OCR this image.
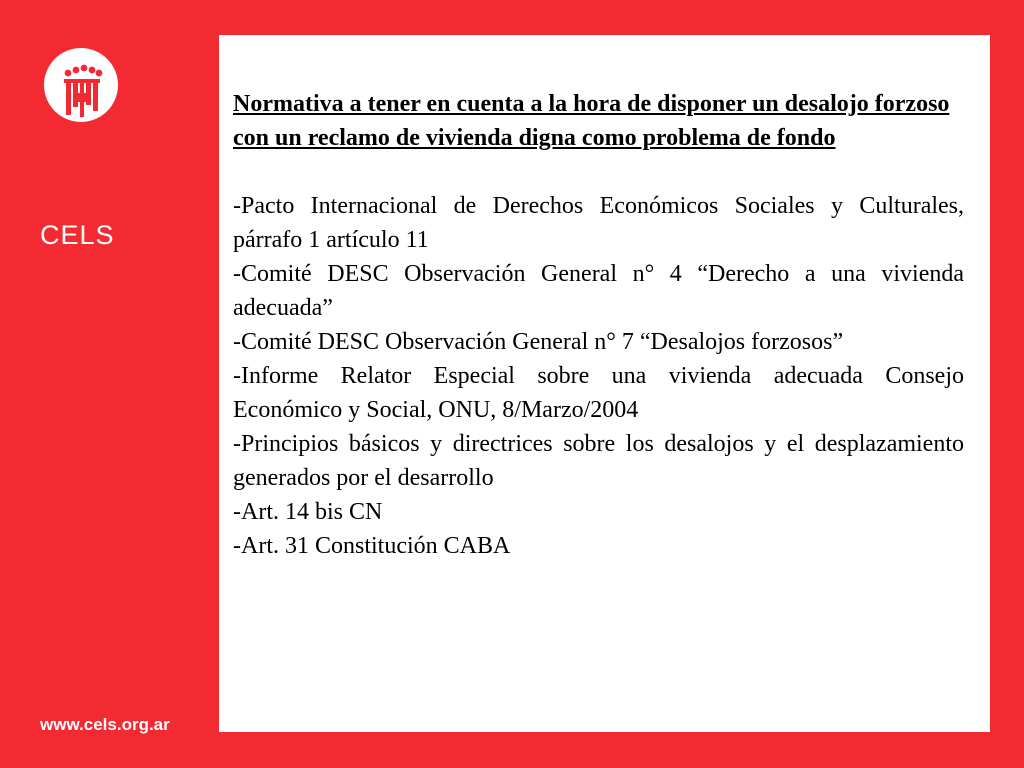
CELS
www.cels.org.ar

Normativa a tener en cuenta a la hora de disponer un desalojo forzoso con un reclamo de vivienda digna como problema de fondo

-Pacto Internacional de Derechos Económicos Sociales y Culturales, párrafo 1 artículo 11

-Comité DESC Observación General n° 4 “Derecho a una vivienda adecuada”

-Comité DESC Observación General n° 7 “Desalojos forzosos”

-Informe Relator Especial sobre una vivienda adecuada Consejo Económico y Social, ONU, 8/Marzo/2004

-Principios básicos y directrices sobre los desalojos y el desplazamiento generados por el desarrollo

-Art. 14 bis CN

-Art. 31 Constitución CABA
